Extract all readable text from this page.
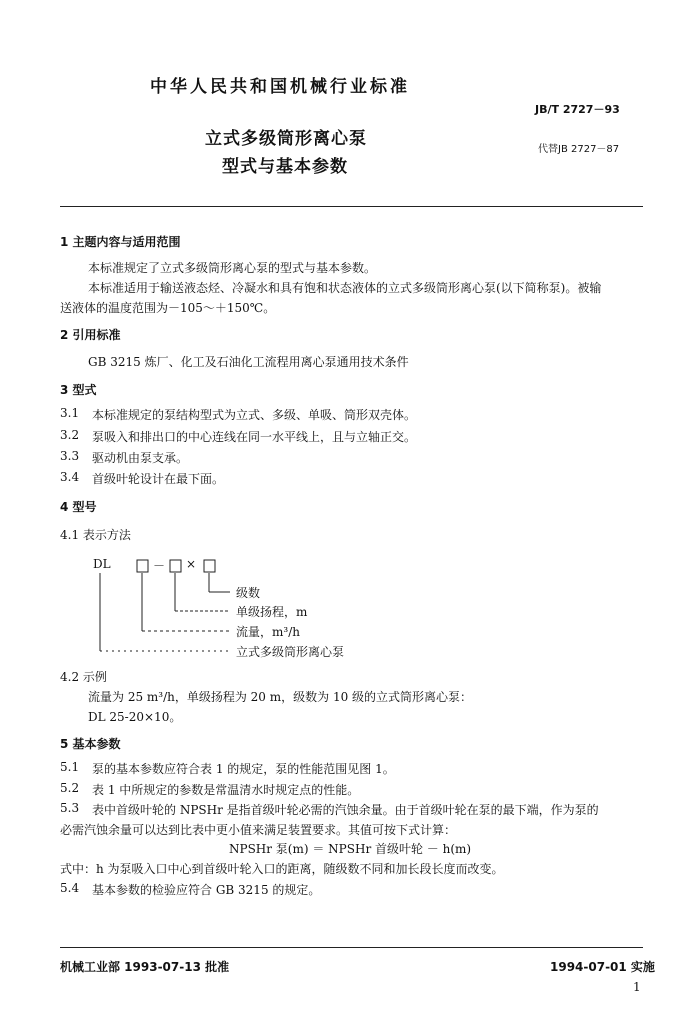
中华人民共和国机械行业标准
JB/T 2727－93
立式多级筒形离心泵
型式与基本参数
代替JB 2727－87
1 主题内容与适用范围
本标准规定了立式多级筒形离心泵的型式与基本参数。
本标准适用于输送液态烃、冷凝水和具有饱和状态液体的立式多级筒形离心泵(以下简称泵)。被输
送液体的温度范围为－105～＋150℃。
2 引用标准
GB 3215 炼厂、化工及石油化工流程用离心泵通用技术条件
3 型式
3.1 本标准规定的泵结构型式为立式、多级、单吸、筒形双壳体。
3.2 泵吸入和排出口的中心连线在同一水平线上，且与立轴正交。
3.3 驱动机由泵支承。
3.4 首级叶轮设计在最下面。
4 型号
4.1 表示方法
DL	－ ×
级数
单级扬程，m
流量，m³/h
立式多级筒形离心泵
4.2 示例
流量为 25 m³/h，单级扬程为 20 m，级数为 10 级的立式筒形离心泵：
DL 25-20×10。
5 基本参数
5.1 泵的基本参数应符合表 1 的规定，泵的性能范围见图 1。
5.2 表 1 中所规定的参数是常温清水时规定点的性能。
5.3 表中首级叶轮的 NPSHr 是指首级叶轮必需的汽蚀余量。由于首级叶轮在泵的最下端，作为泵的
必需汽蚀余量可以达到比表中更小值来满足装置要求。其值可按下式计算：
NPSHr 泵(m) ＝ NPSHr 首级叶轮 － h(m)
式中：h 为泵吸入口中心到首级叶轮入口的距离，随级数不同和加长段长度而改变。
5.4 基本参数的检验应符合 GB 3215 的规定。
机械工业部 1993-07-13 批准	1994-07-01 实施
1
